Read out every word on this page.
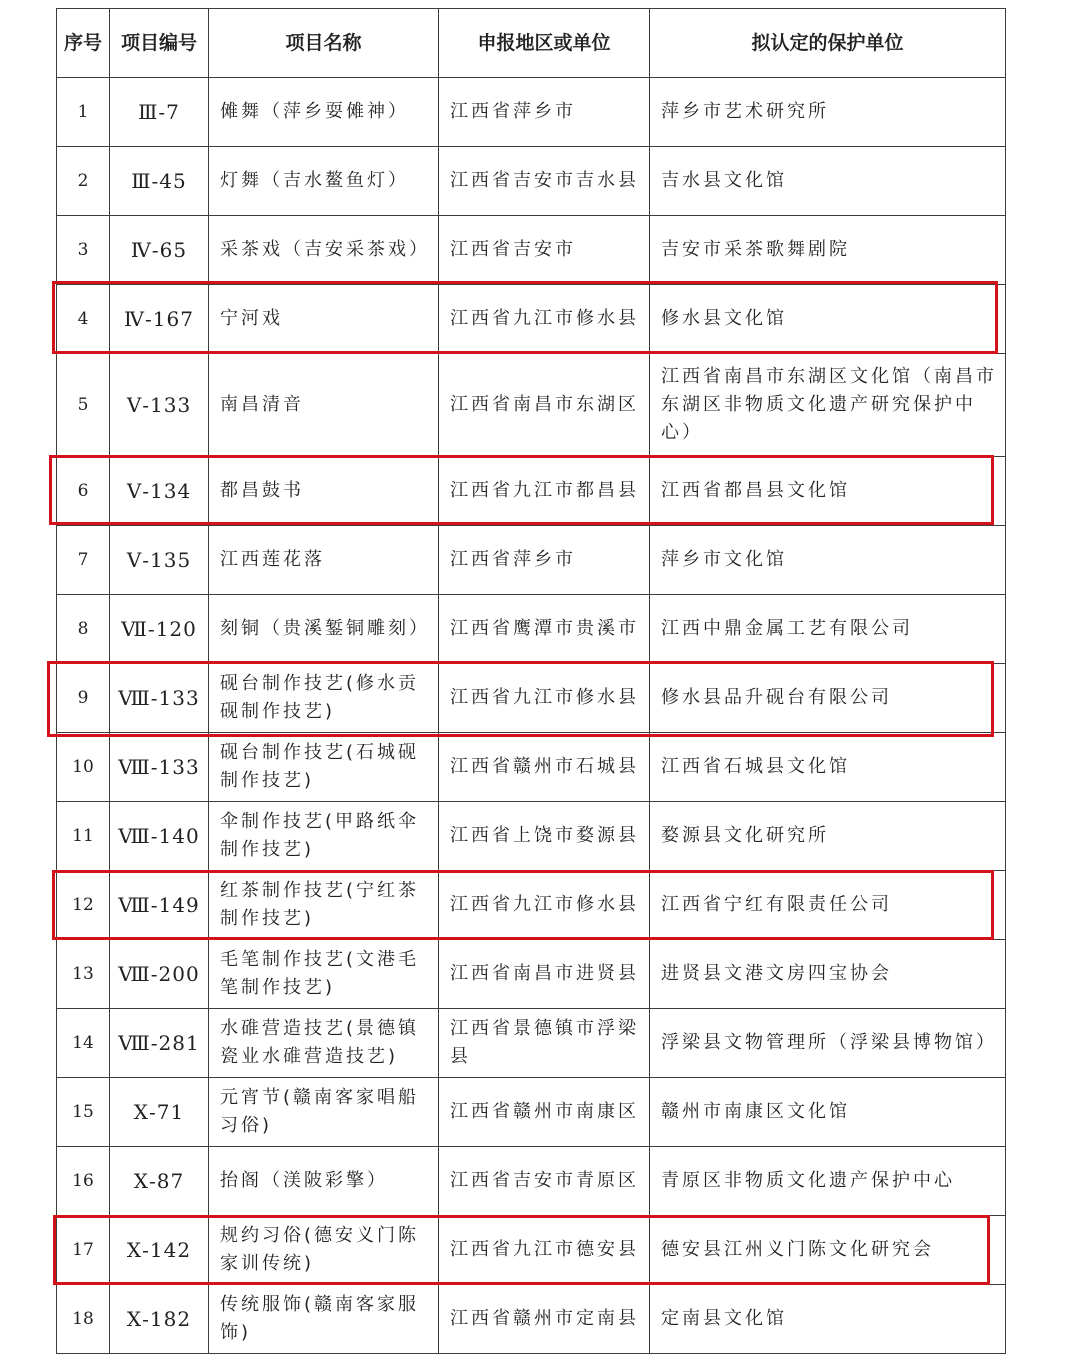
序号	项目编号	项目名称	申报地区或单位	拟认定的保护单位
1	Ⅲ-7	傩舞（萍乡耍傩神）	江西省萍乡市	萍乡市艺术研究所
2	Ⅲ-45	灯舞（吉水鳌鱼灯）	江西省吉安市吉水县	吉水县文化馆
3	Ⅳ-65	采茶戏（吉安采茶戏）	江西省吉安市	吉安市采茶歌舞剧院
4	Ⅳ-167	宁河戏	江西省九江市修水县	修水县文化馆
5	Ⅴ-133	南昌清音	江西省南昌市东湖区	江西省南昌市东湖区文化馆（南昌市东湖区非物质文化遗产研究保护中心）
6	Ⅴ-134	都昌鼓书	江西省九江市都昌县	江西省都昌县文化馆
7	Ⅴ-135	江西莲花落	江西省萍乡市	萍乡市文化馆
8	Ⅶ-120	刻铜（贵溪錾铜雕刻）	江西省鹰潭市贵溪市	江西中鼎金属工艺有限公司
9	Ⅷ-133	砚台制作技艺(修水贡砚制作技艺)	江西省九江市修水县	修水县品升砚台有限公司
10	Ⅷ-133	砚台制作技艺(石城砚制作技艺)	江西省赣州市石城县	江西省石城县文化馆
11	Ⅷ-140	伞制作技艺(甲路纸伞制作技艺)	江西省上饶市婺源县	婺源县文化研究所
12	Ⅷ-149	红茶制作技艺(宁红茶制作技艺)	江西省九江市修水县	江西省宁红有限责任公司
13	Ⅷ-200	毛笔制作技艺(文港毛笔制作技艺)	江西省南昌市进贤县	进贤县文港文房四宝协会
14	Ⅷ-281	水碓营造技艺(景德镇瓷业水碓营造技艺)	江西省景德镇市浮梁县	浮梁县文物管理所（浮梁县博物馆）
15	Ⅹ-71	元宵节(赣南客家唱船习俗)	江西省赣州市南康区	赣州市南康区文化馆
16	Ⅹ-87	抬阁（渼陂彩擎）	江西省吉安市青原区	青原区非物质文化遗产保护中心
17	Ⅹ-142	规约习俗(德安义门陈家训传统)	江西省九江市德安县	德安县江州义门陈文化研究会
18	Ⅹ-182	传统服饰(赣南客家服饰)	江西省赣州市定南县	定南县文化馆
